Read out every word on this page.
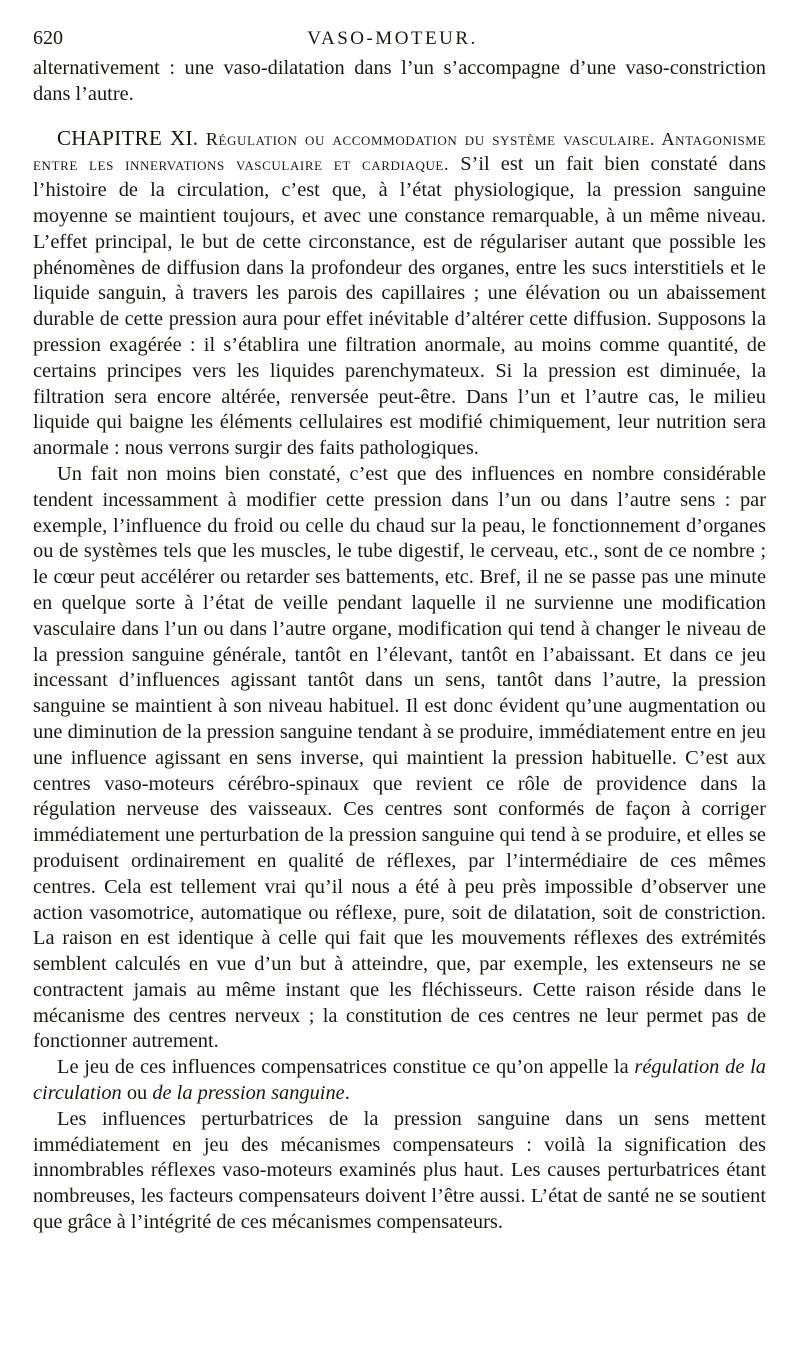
620	VASO-MOTEUR.

alternativement : une vaso-dilatation dans l’un s’accompagne d’une vaso-constriction dans l’autre.

CHAPITRE XI. Régulation ou accommodation du système vasculaire. Antagonisme entre les innervations vasculaire et cardiaque. S’il est un fait bien constaté dans l’histoire de la circulation, c’est que, à l’état physiologique, la pression sanguine moyenne se maintient toujours, et avec une constance remarquable, à un même niveau. L’effet principal, le but de cette circonstance, est de régulariser autant que possible les phénomènes de diffusion dans la profondeur des organes, entre les sucs interstitiels et le liquide sanguin, à travers les parois des capillaires ; une élévation ou un abaissement durable de cette pression aura pour effet inévitable d’altérer cette diffusion. Supposons la pression exagérée : il s’établira une filtration anormale, au moins comme quantité, de certains principes vers les liquides parenchymateux. Si la pression est diminuée, la filtration sera encore altérée, renversée peut-être. Dans l’un et l’autre cas, le milieu liquide qui baigne les éléments cellulaires est modifié chimiquement, leur nutrition sera anormale : nous verrons surgir des faits pathologiques.

Un fait non moins bien constaté, c’est que des influences en nombre considérable tendent incessamment à modifier cette pression dans l’un ou dans l’autre sens : par exemple, l’influence du froid ou celle du chaud sur la peau, le fonctionnement d’organes ou de systèmes tels que les muscles, le tube digestif, le cerveau, etc., sont de ce nombre ; le cœur peut accélérer ou retarder ses battements, etc. Bref, il ne se passe pas une minute en quelque sorte à l’état de veille pendant laquelle il ne survienne une modification vasculaire dans l’un ou dans l’autre organe, modification qui tend à changer le niveau de la pression sanguine générale, tantôt en l’élevant, tantôt en l’abaissant. Et dans ce jeu incessant d’influences agissant tantôt dans un sens, tantôt dans l’autre, la pression sanguine se maintient à son niveau habituel. Il est donc évident qu’une augmentation ou une diminution de la pression sanguine tendant à se produire, immédiatement entre en jeu une influence agissant en sens inverse, qui maintient la pression habituelle. C’est aux centres vaso-moteurs cérébro-spinaux que revient ce rôle de providence dans la régulation nerveuse des vaisseaux. Ces centres sont conformés de façon à corriger immédiatement une perturbation de la pression sanguine qui tend à se produire, et elles se produisent ordinairement en qualité de réflexes, par l’intermédiaire de ces mêmes centres. Cela est tellement vrai qu’il nous a été à peu près impossible d’observer une action vasomotrice, automatique ou réflexe, pure, soit de dilatation, soit de constriction. La raison en est identique à celle qui fait que les mouvements réflexes des extrémités semblent calculés en vue d’un but à atteindre, que, par exemple, les extenseurs ne se contractent jamais au même instant que les fléchisseurs. Cette raison réside dans le mécanisme des centres nerveux ; la constitution de ces centres ne leur permet pas de fonctionner autrement.

Le jeu de ces influences compensatrices constitue ce qu’on appelle la régulation de la circulation ou de la pression sanguine.

Les influences perturbatrices de la pression sanguine dans un sens mettent immédiatement en jeu des mécanismes compensateurs : voilà la signification des innombrables réflexes vaso-moteurs examinés plus haut. Les causes perturbatrices étant nombreuses, les facteurs compensateurs doivent l’être aussi. L’état de santé ne se soutient que grâce à l’intégrité de ces mécanismes compensateurs.
